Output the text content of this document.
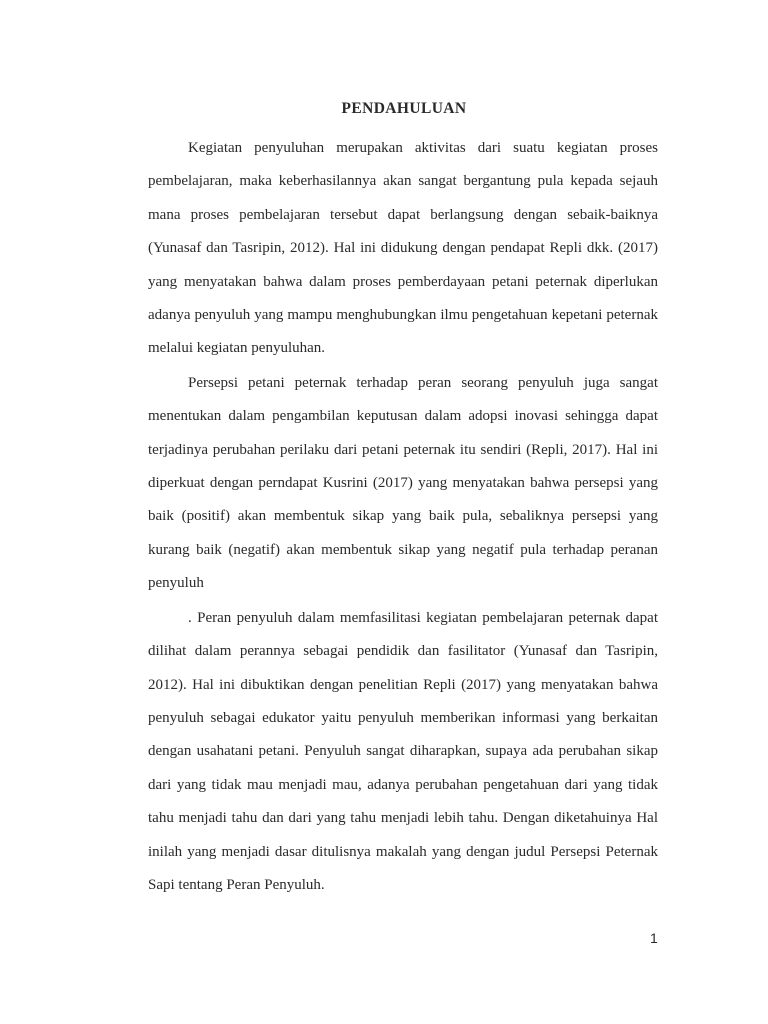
PENDAHULUAN

Kegiatan penyuluhan merupakan aktivitas dari suatu kegiatan proses pembelajaran, maka keberhasilannya akan sangat bergantung pula kepada sejauh mana proses pembelajaran tersebut dapat berlangsung dengan sebaik-baiknya (Yunasaf dan Tasripin, 2012). Hal ini didukung dengan pendapat Repli dkk. (2017) yang menyatakan bahwa dalam proses pemberdayaan petani peternak diperlukan adanya penyuluh yang mampu menghubungkan ilmu pengetahuan kepetani peternak melalui kegiatan penyuluhan.

Persepsi petani peternak terhadap peran seorang penyuluh juga sangat menentukan dalam pengambilan keputusan dalam adopsi inovasi sehingga dapat terjadinya perubahan perilaku dari petani peternak itu sendiri (Repli, 2017). Hal ini diperkuat dengan perndapat Kusrini (2017) yang menyatakan bahwa persepsi yang baik (positif) akan membentuk sikap yang baik pula, sebaliknya persepsi yang kurang baik (negatif) akan membentuk sikap yang negatif pula terhadap peranan penyuluh

. Peran penyuluh dalam memfasilitasi kegiatan pembelajaran peternak dapat dilihat dalam perannya sebagai pendidik dan fasilitator (Yunasaf dan Tasripin, 2012). Hal ini dibuktikan dengan penelitian Repli (2017) yang menyatakan bahwa penyuluh sebagai edukator yaitu penyuluh memberikan informasi yang berkaitan dengan usahatani petani. Penyuluh sangat diharapkan, supaya ada perubahan sikap dari yang tidak mau menjadi mau, adanya perubahan pengetahuan dari yang tidak tahu menjadi tahu dan dari yang tahu menjadi lebih tahu. Dengan diketahuinya Hal inilah yang menjadi dasar ditulisnya makalah yang dengan judul Persepsi Peternak Sapi tentang Peran Penyuluh.

1
